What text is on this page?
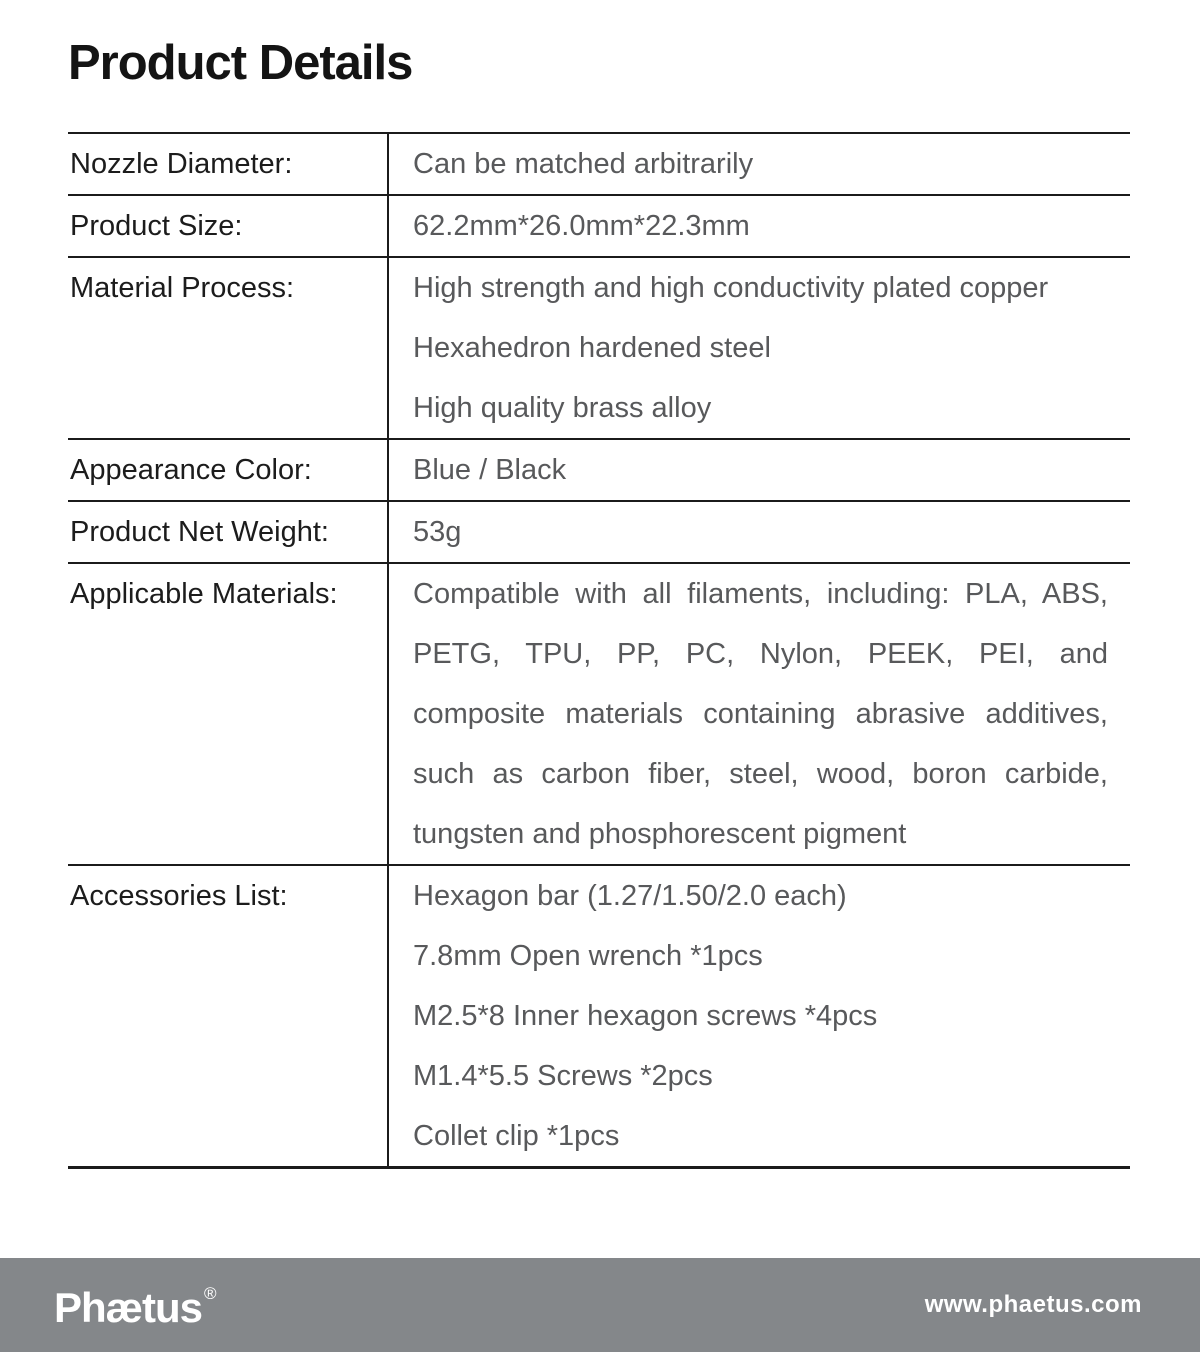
Product Details
Nozzle Diameter:	Can be matched arbitrarily
Product Size:	62.2mm*26.0mm*22.3mm
Material Process:	High strength and high conductivity plated copper
Hexahedron hardened steel
High quality brass alloy
Appearance Color:	Blue / Black
Product Net Weight:	53g
Applicable Materials:	Compatible with all filaments, including: PLA, ABS,
PETG, TPU, PP, PC, Nylon, PEEK, PEI, and
composite materials containing abrasive additives,
such as carbon fiber, steel, wood, boron carbide,
tungsten and phosphorescent pigment
Accessories List:	Hexagon bar (1.27/1.50/2.0 each)
7.8mm Open wrench *1pcs
M2.5*8 Inner hexagon screws *4pcs
M1.4*5.5 Screws *2pcs
Collet clip *1pcs
Phætus ®	www.phaetus.com
